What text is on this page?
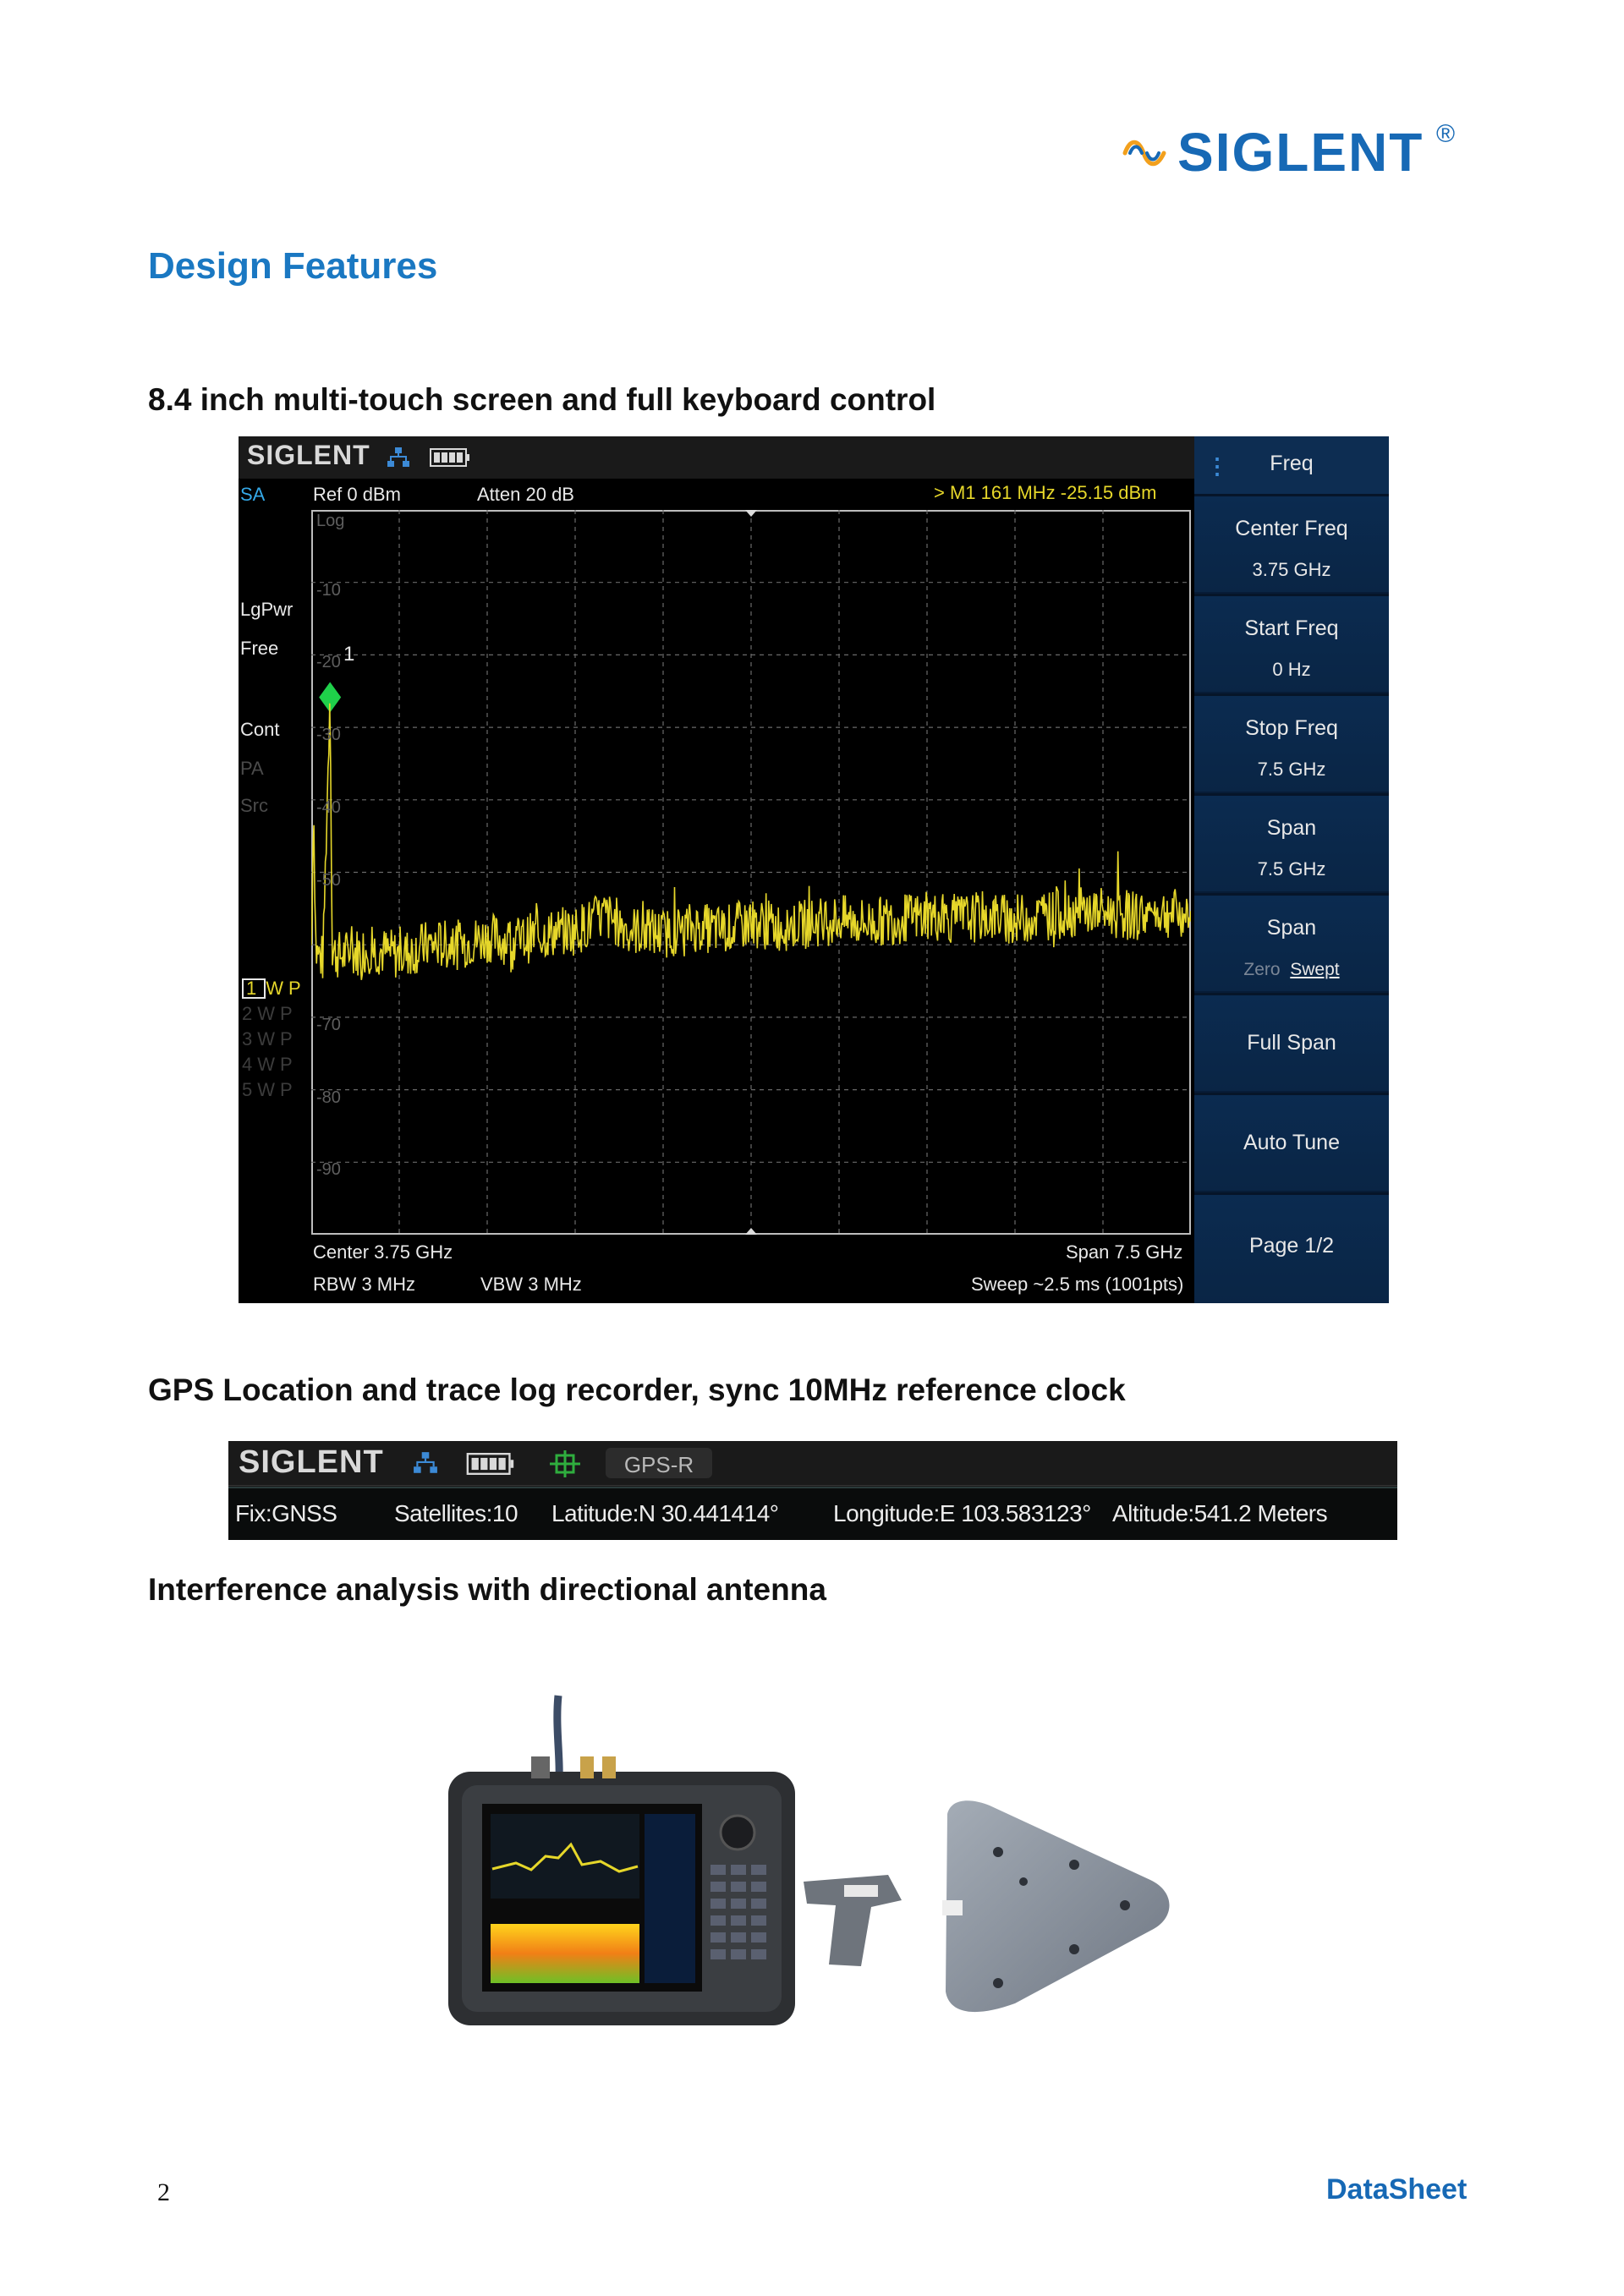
SIGLENT ®
Design Features
8.4 inch multi-touch screen and full keyboard control
SIGLENT
SA	Ref 0 dBm	Atten 20 dB	> M1 161 MHz -25.15 dBm
LgPwr
Free
Cont
PA
Src
1 WP
2WP
3WP
4WP
5WP
Log
-10
-20
-30
-40
-50
-70
-80
-90
1
Center 3.75 GHz	Span 7.5 GHz
RBW 3 MHz	VBW 3 MHz	Sweep ~2.5 ms (1001pts)
⋮	Freq
Center Freq
3.75 GHz
Start Freq
0 Hz
Stop Freq
7.5 GHz
Span
7.5 GHz
Span
Zero Swept
Full Span
Auto Tune
Page 1/2
GPS Location and trace log recorder, sync 10MHz reference clock
SIGLENT	GPS-R
Fix:GNSS Satellites:10 Latitude:N 30.441414° Longitude:E 103.583123° Altitude:541.2 Meters
Interference analysis with directional antenna
2	DataSheet
